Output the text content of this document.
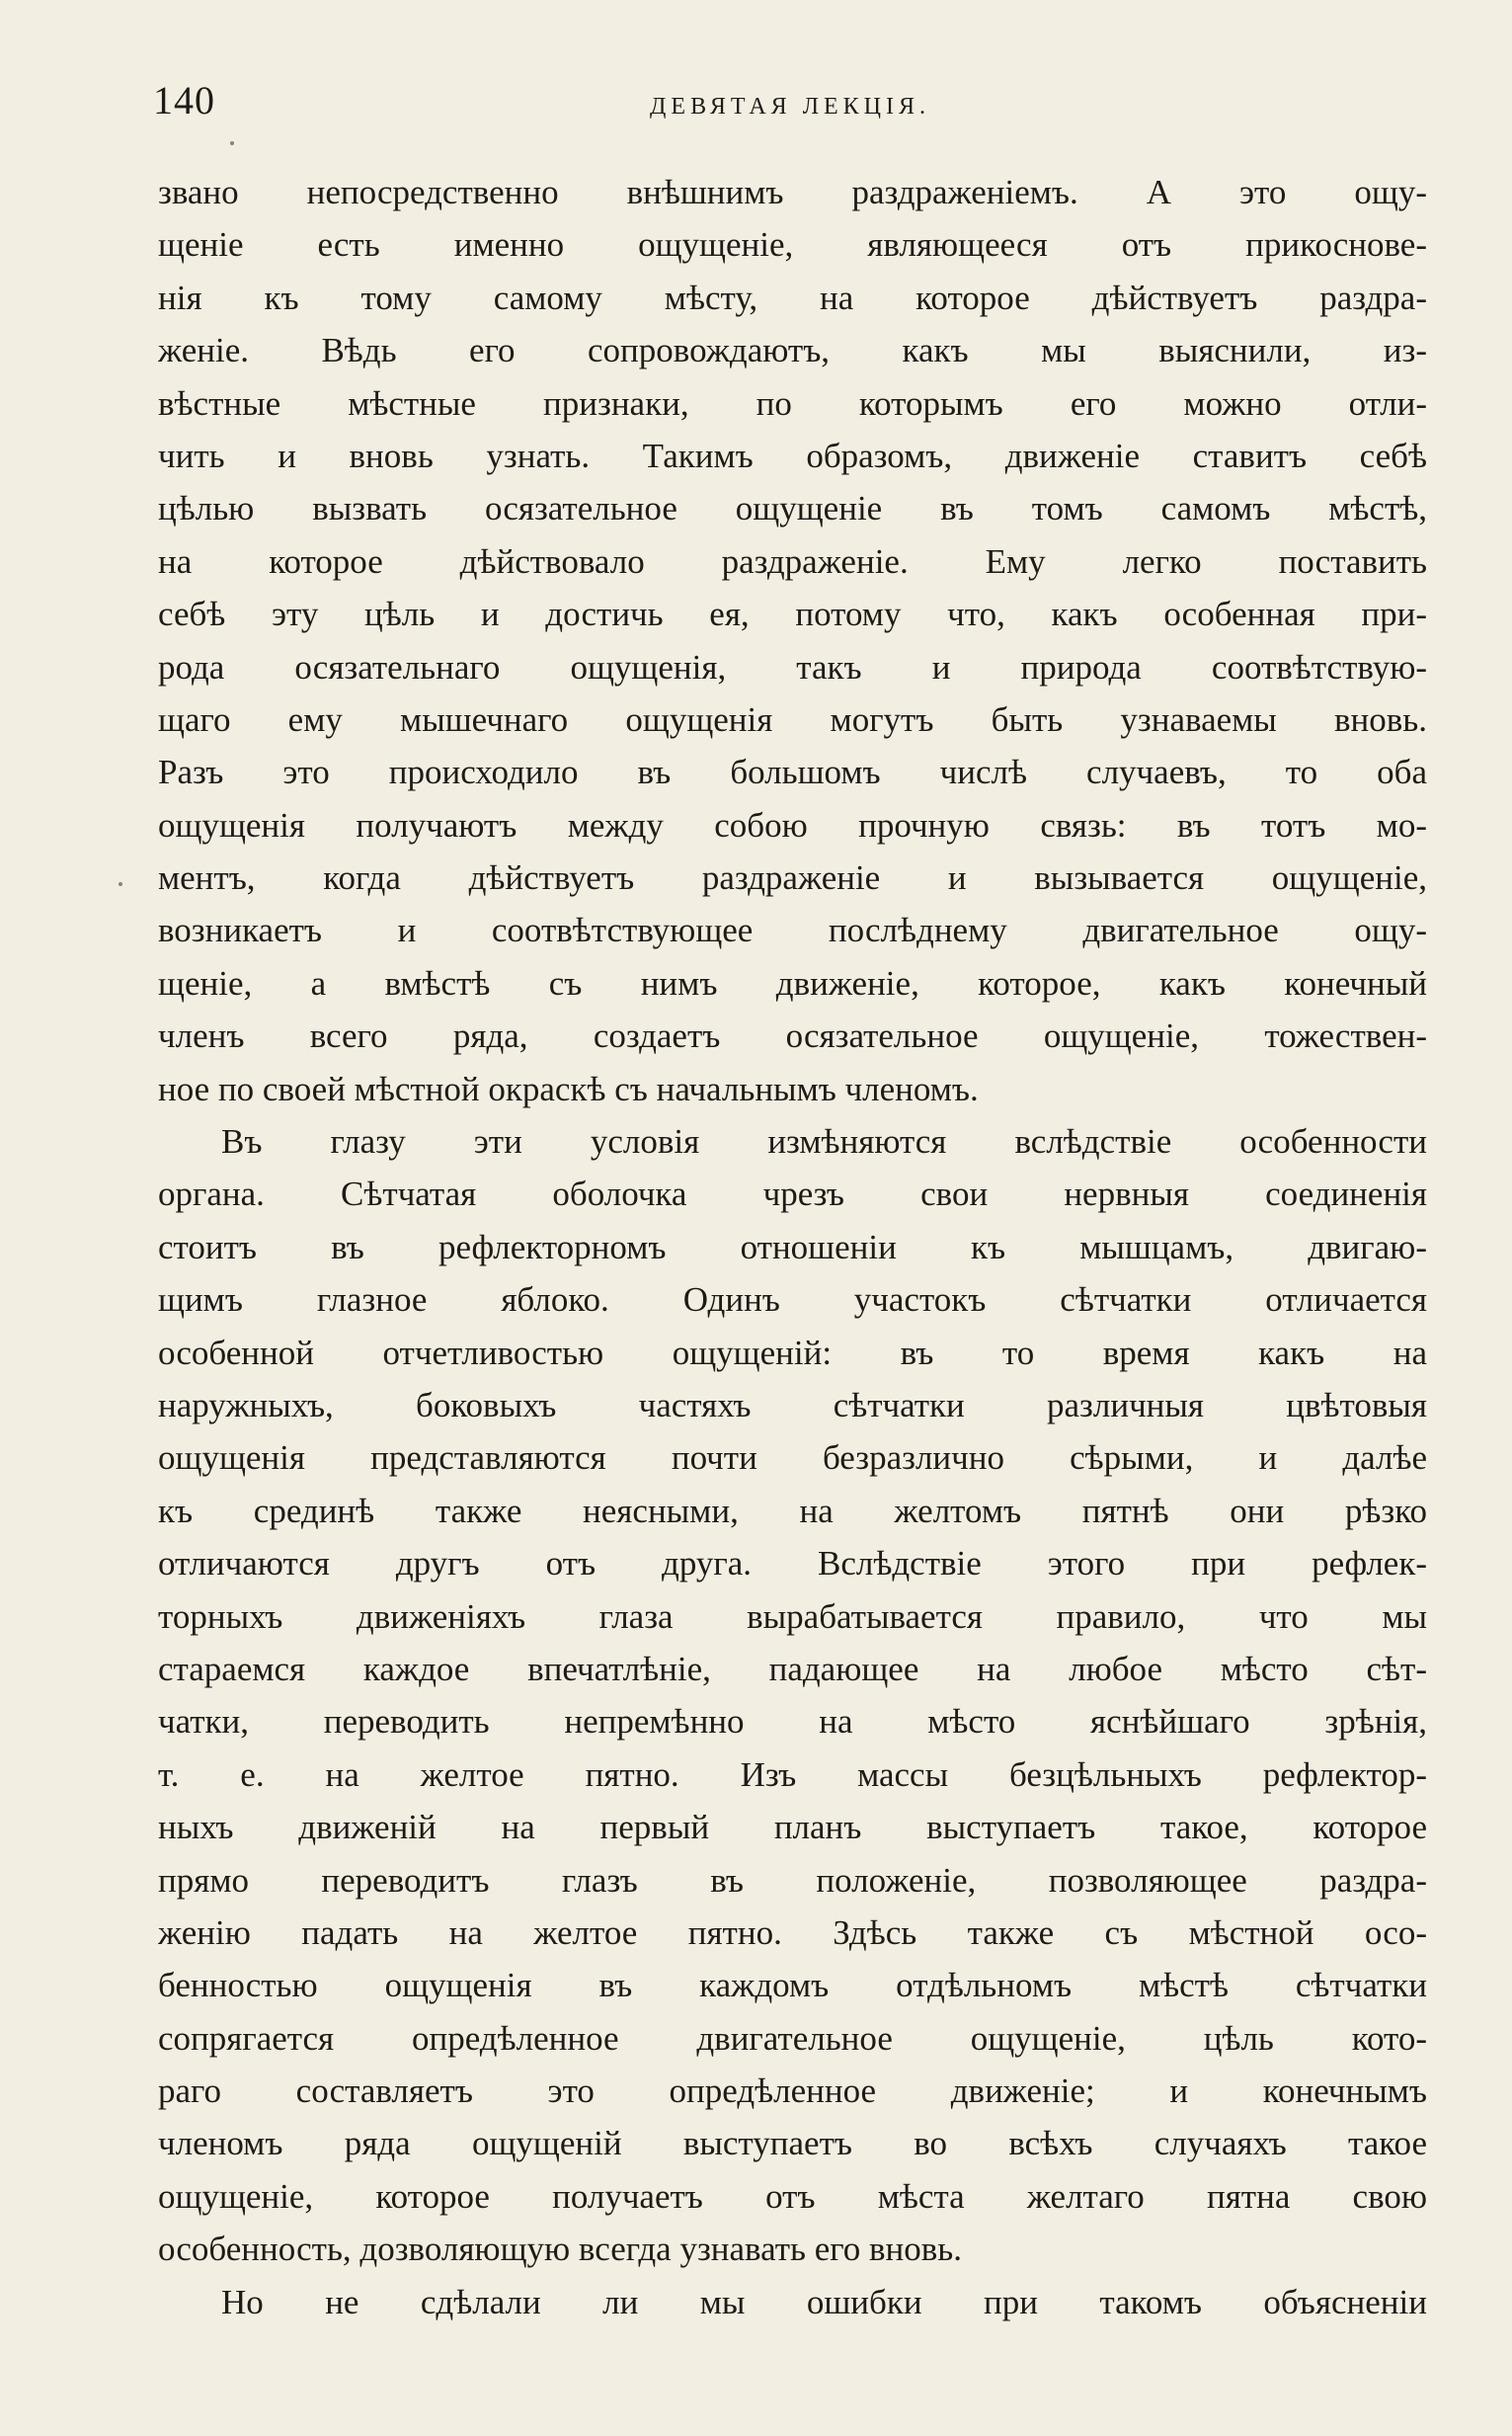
140	ДЕВЯТАЯ ЛЕКЦІЯ.
звано непосредственно внѣшнимъ раздраженіемъ. А это ощу-
щеніе есть именно ощущеніе, являющееся отъ прикоснове-
нія къ тому самому мѣсту, на которое дѣйствуетъ раздра-
женіе. Вѣдь его сопровождаютъ, какъ мы выяснили, из-
вѣстные мѣстные признаки, по которымъ его можно отли-
чить и вновь узнать. Такимъ образомъ, движеніе ставитъ себѣ
цѣлью вызвать осязательное ощущеніе въ томъ самомъ мѣстѣ,
на которое дѣйствовало раздраженіе. Ему легко поставить
себѣ эту цѣль и достичь ея, потому что, какъ особенная при-
рода осязательнаго ощущенія, такъ и природа соотвѣтствую-
щаго ему мышечнаго ощущенія могутъ быть узнаваемы вновь.
Разъ это происходило въ большомъ числѣ случаевъ, то оба
ощущенія получаютъ между собою прочную связь: въ тотъ мо-
ментъ, когда дѣйствуетъ раздраженіе и вызывается ощущеніе,
возникаетъ и соотвѣтствующее послѣднему двигательное ощу-
щеніе, а вмѣстѣ съ нимъ движеніе, которое, какъ конечный
членъ всего ряда, создаетъ осязательное ощущеніе, тожествен-
ное по своей мѣстной окраскѣ съ начальнымъ членомъ.
Въ глазу эти условія измѣняются вслѣдствіе особенности
органа. Сѣтчатая оболочка чрезъ свои нервныя соединенія
стоитъ въ рефлекторномъ отношеніи къ мышцамъ, двигаю-
щимъ глазное яблоко. Одинъ участокъ сѣтчатки отличается
особенной отчетливостью ощущеній: въ то время какъ на
наружныхъ, боковыхъ частяхъ сѣтчатки различныя цвѣтовыя
ощущенія представляются почти безразлично сѣрыми, и далѣе
къ срединѣ также неясными, на желтомъ пятнѣ они рѣзко
отличаются другъ отъ друга. Вслѣдствіе этого при рефлек-
торныхъ движеніяхъ глаза вырабатывается правило, что мы
стараемся каждое впечатлѣніе, падающее на любое мѣсто сѣт-
чатки, переводить непремѣнно на мѣсто яснѣйшаго зрѣнія,
т. е. на желтое пятно. Изъ массы безцѣльныхъ рефлектор-
ныхъ движеній на первый планъ выступаетъ такое, которое
прямо переводитъ глазъ въ положеніе, позволяющее раздра-
женію падать на желтое пятно. Здѣсь также съ мѣстной осо-
бенностью ощущенія въ каждомъ отдѣльномъ мѣстѣ сѣтчатки
сопрягается опредѣленное двигательное ощущеніе, цѣль кото-
раго составляетъ это опредѣленное движеніе; и конечнымъ
членомъ ряда ощущеній выступаетъ во всѣхъ случаяхъ такое
ощущеніе, которое получаетъ отъ мѣста желтаго пятна свою
особенность, дозволяющую всегда узнавать его вновь.
Но не сдѣлали ли мы ошибки при такомъ объясненіи
